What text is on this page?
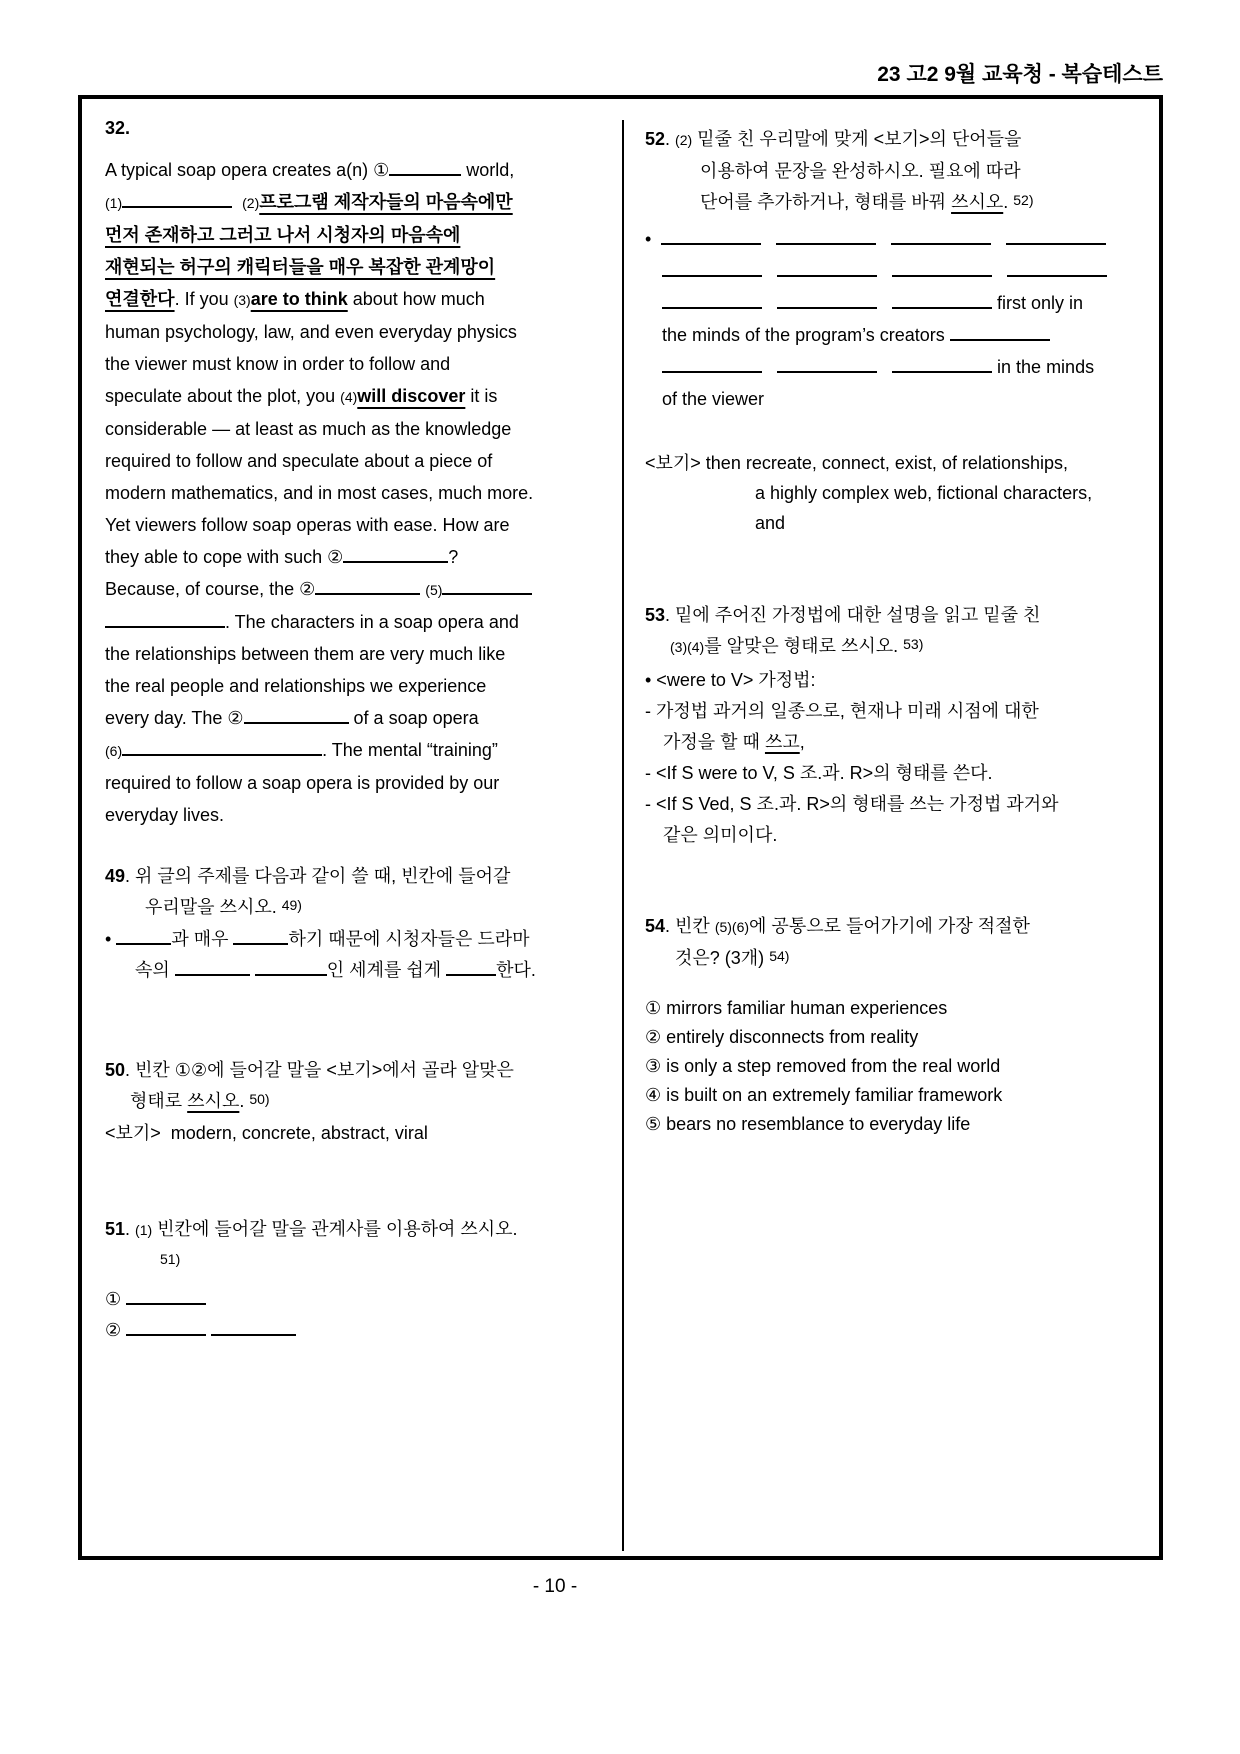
23 고2 9월 교육청 - 복습테스트
32.
A typical soap opera creates a(n) ①	world,
(1)	(2)프로그램 제작자들의 마음속에만
먼저 존재하고 그러고 나서 시청자의 마음속에
재현되는 허구의 캐릭터들을 매우 복잡한 관계망이
연결한다. If you (3)are to think about how much
human psychology, law, and even everyday physics
the viewer must know in order to follow and
speculate about the plot, you (4)will discover it is
considerable — at least as much as the knowledge
required to follow and speculate about a piece of
modern mathematics, and in most cases, much more.
Yet viewers follow soap operas with ease. How are
they able to cope with such ②	?
Because, of course, the ②	(5)
. The characters in a soap opera and
the relationships between them are very much like
the real people and relationships we experience
every day. The ②	of a soap opera
(6)	. The mental “training”
required to follow a soap opera is provided by our
everyday lives.
49. 위 글의 주제를 다음과 같이 쓸 때, 빈칸에 들어갈
우리말을 쓰시오. 49)
•	과 매우	하기 때문에 시청자들은 드라마
속의	인 세계를 쉽게	한다.
50. 빈칸 ①②에 들어갈 말을 <보기>에서 골라 알맞은
형태로 쓰시오. 50)
<보기>  modern, concrete, abstract, viral
51. (1) 빈칸에 들어갈 말을 관계사를 이용하여 쓰시오.
51)
①
②
52. (2) 밑줄 친 우리말에 맞게 <보기>의 단어들을
이용하여 문장을 완성하시오. 필요에 따라
단어를 추가하거나, 형태를 바꿔 쓰시오. 52)
•

first only in
the minds of the program’s creators
in the minds
of the viewer
<보기> then recreate, connect, exist, of relationships,
a highly complex web, fictional characters,
and
53. 밑에 주어진 가정법에 대한 설명을 읽고 밑줄 친
(3)(4)를 알맞은 형태로 쓰시오. 53)
• <were to V> 가정법:
- 가정법 과거의 일종으로, 현재나 미래 시점에 대한
가정을 할 때 쓰고,
- <If S were to V, S 조.과. R>의 형태를 쓴다.
- <If S Ved, S 조.과. R>의 형태를 쓰는 가정법 과거와
같은 의미이다.
54. 빈칸 (5)(6)에 공통으로 들어가기에 가장 적절한
것은? (3개) 54)
① mirrors familiar human experiences
② entirely disconnects from reality
③ is only a step removed from the real world
④ is built on an extremely familiar framework
⑤ bears no resemblance to everyday life
- 10 -
